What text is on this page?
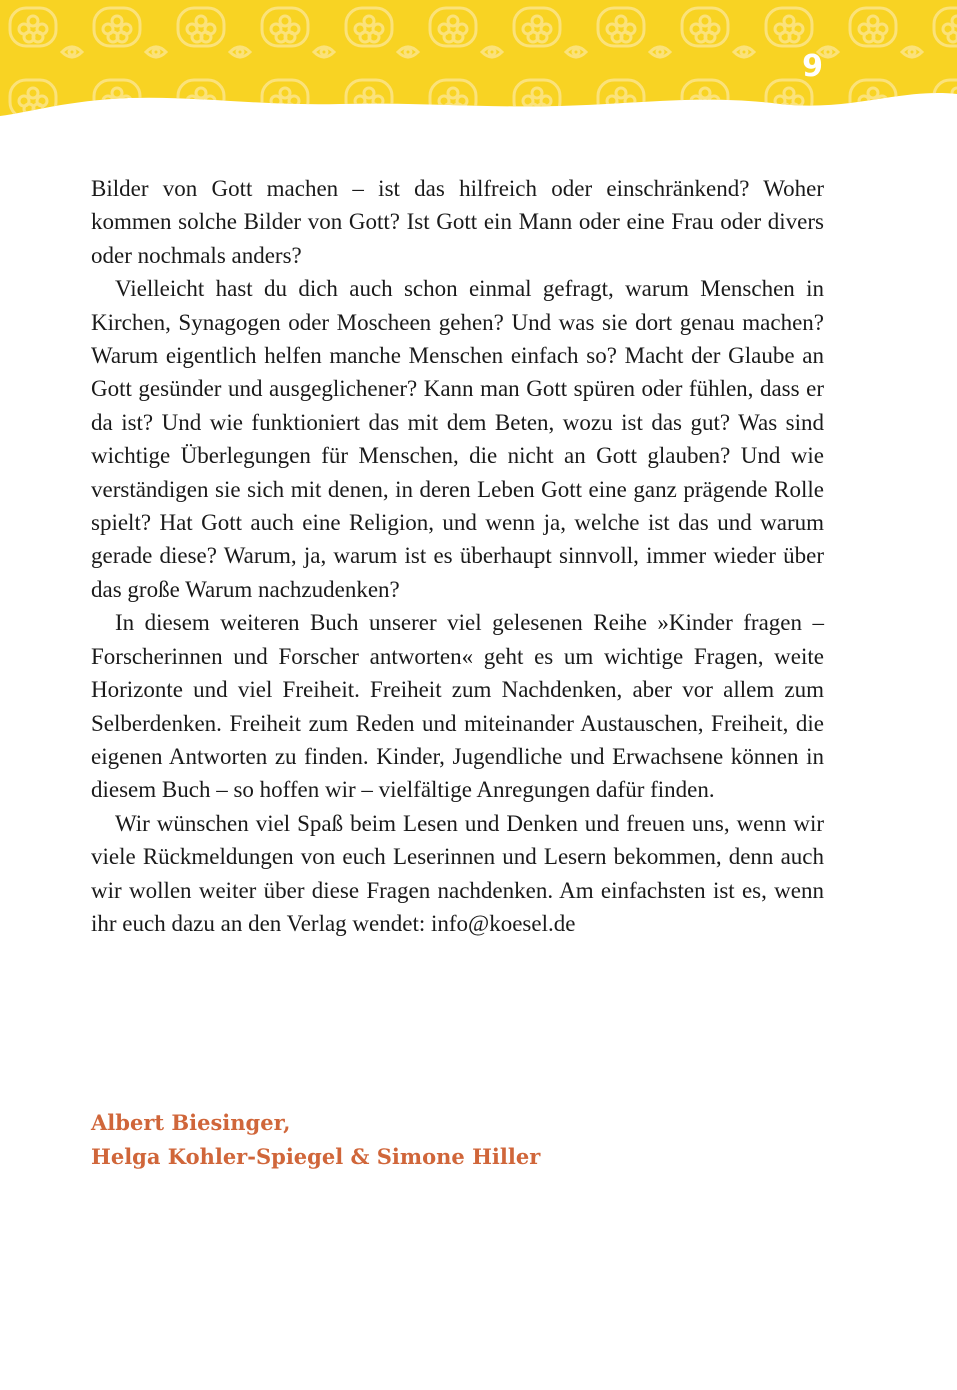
9

Bilder von Gott machen – ist das hilfreich oder einschränkend? Woher kommen solche Bilder von Gott? Ist Gott ein Mann oder eine Frau oder divers oder nochmals anders?

Vielleicht hast du dich auch schon einmal gefragt, warum Menschen in Kirchen, Synagogen oder Moscheen gehen? Und was sie dort genau machen? Warum eigentlich helfen manche Menschen einfach so? Macht der Glaube an Gott gesünder und ausgeglichener? Kann man Gott spüren oder fühlen, dass er da ist? Und wie funktioniert das mit dem Beten, wozu ist das gut? Was sind wichtige Überlegungen für Menschen, die nicht an Gott glauben? Und wie verständigen sie sich mit denen, in deren Leben Gott eine ganz prägende Rolle spielt? Hat Gott auch eine Religion, und wenn ja, welche ist das und warum gerade diese? Warum, ja, warum ist es überhaupt sinnvoll, immer wieder über das große Warum nachzudenken?

In diesem weiteren Buch unserer viel gelesenen Reihe »Kinder fragen – Forscherinnen und Forscher antworten« geht es um wichtige Fragen, weite Horizonte und viel Freiheit. Freiheit zum Nachdenken, aber vor allem zum Selberdenken. Freiheit zum Reden und miteinander Austauschen, Freiheit, die eigenen Antworten zu finden. Kinder, Jugendliche und Erwachsene können in diesem Buch – so hoffen wir – vielfältige Anregungen dafür finden.

Wir wünschen viel Spaß beim Lesen und Denken und freuen uns, wenn wir viele Rückmeldungen von euch Leserinnen und Lesern bekommen, denn auch wir wollen weiter über diese Fragen nachdenken. Am einfachsten ist es, wenn ihr euch dazu an den Verlag wendet: info@koesel.de

Albert Biesinger,
Helga Kohler-Spiegel & Simone Hiller
